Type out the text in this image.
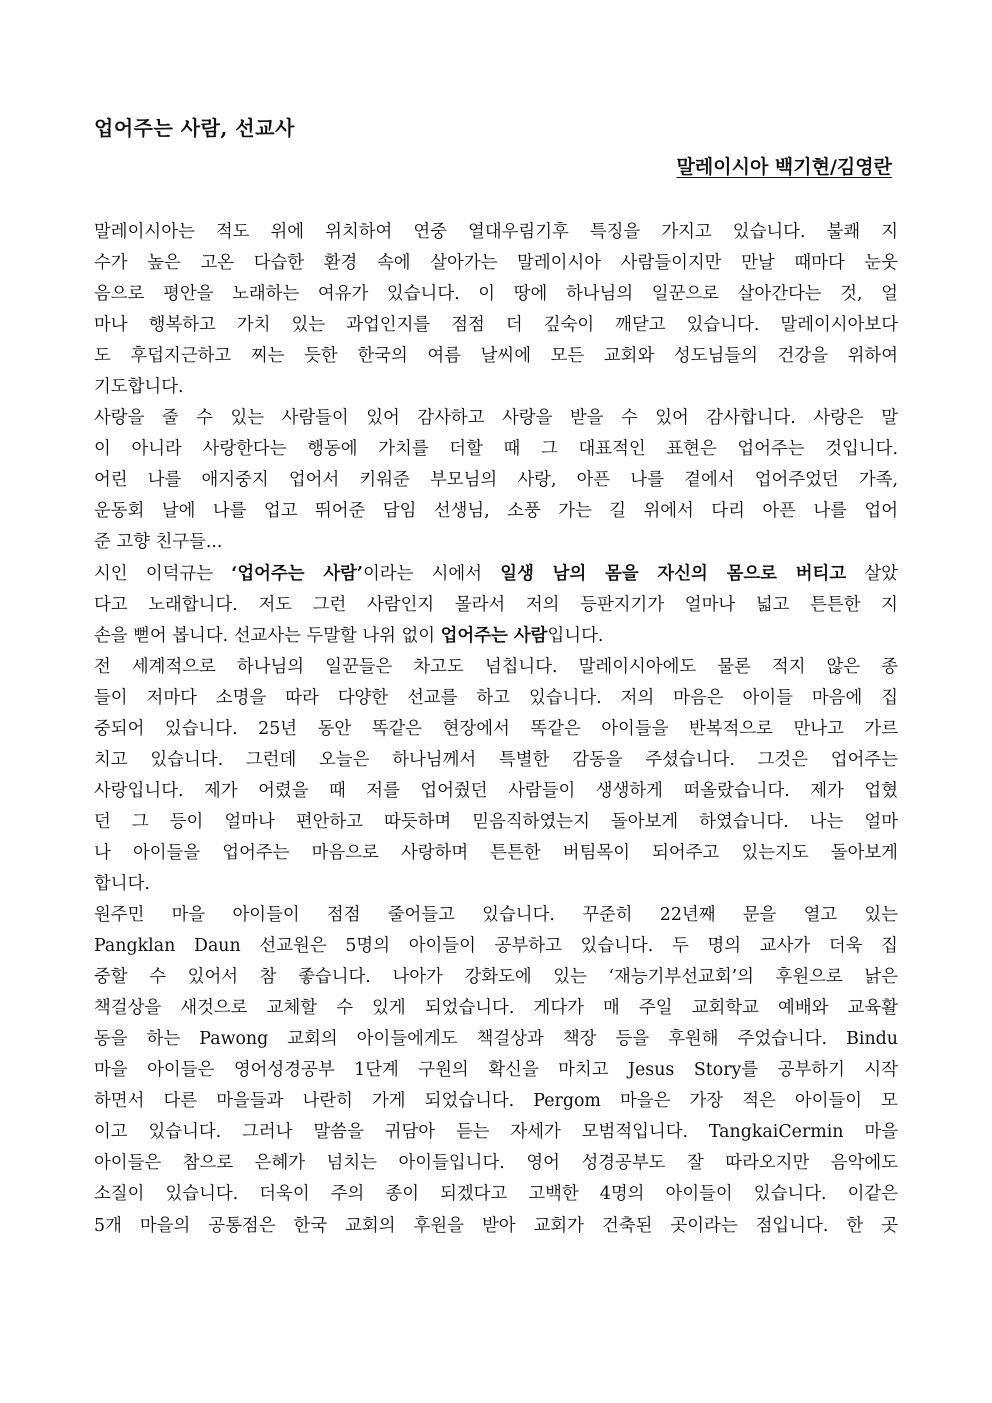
업어주는 사람, 선교사
말레이시아 백기현/김영란
말레이시아는 적도 위에 위치하여 연중 열대우림기후 특징을 가지고 있습니다. 불쾌 지
수가 높은 고온 다습한 환경 속에 살아가는 말레이시아 사람들이지만 만날 때마다 눈웃
음으로 평안을 노래하는 여유가 있습니다. 이 땅에 하나님의 일꾼으로 살아간다는 것, 얼
마나 행복하고 가치 있는 과업인지를 점점 더 깊숙이 깨닫고 있습니다. 말레이시아보다
도 후덥지근하고 찌는 듯한 한국의 여름 날씨에 모든 교회와 성도님들의 건강을 위하여
기도합니다.
사랑을 줄 수 있는 사람들이 있어 감사하고 사랑을 받을 수 있어 감사합니다. 사랑은 말
이 아니라 사랑한다는 행동에 가치를 더할 때 그 대표적인 표현은 업어주는 것입니다.
어린 나를 애지중지 업어서 키워준 부모님의 사랑, 아픈 나를 곁에서 업어주었던 가족,
운동회 날에 나를 업고 뛰어준 담임 선생님, 소풍 가는 길 위에서 다리 아픈 나를 업어
준 고향 친구들...
시인 이덕규는 ‘업어주는 사람’이라는 시에서 일생 남의 몸을 자신의 몸으로 버티고 살았
다고 노래합니다. 저도 그런 사람인지 몰라서 저의 등판지기가 얼마나 넓고 튼튼한 지
손을 뻗어 봅니다. 선교사는 두말할 나위 없이 업어주는 사람입니다.
전 세계적으로 하나님의 일꾼들은 차고도 넘칩니다. 말레이시아에도 물론 적지 않은 종
들이 저마다 소명을 따라 다양한 선교를 하고 있습니다. 저의 마음은 아이들 마음에 집
중되어 있습니다. 25년 동안 똑같은 현장에서 똑같은 아이들을 반복적으로 만나고 가르
치고 있습니다. 그런데 오늘은 하나님께서 특별한 감동을 주셨습니다. 그것은 업어주는
사랑입니다. 제가 어렸을 때 저를 업어줬던 사람들이 생생하게 떠올랐습니다. 제가 업혔
던 그 등이 얼마나 편안하고 따듯하며 믿음직하였는지 돌아보게 하였습니다. 나는 얼마
나 아이들을 업어주는 마음으로 사랑하며 튼튼한 버팀목이 되어주고 있는지도 돌아보게
합니다.
원주민 마을 아이들이 점점 줄어들고 있습니다. 꾸준히 22년째 문을 열고 있는
Pangklan Daun 선교원은 5명의 아이들이 공부하고 있습니다. 두 명의 교사가 더욱 집
중할 수 있어서 참 좋습니다. 나아가 강화도에 있는 ‘재능기부선교회’의 후원으로 낡은
책걸상을 새것으로 교체할 수 있게 되었습니다. 게다가 매 주일 교회학교 예배와 교육활
동을 하는 Pawong 교회의 아이들에게도 책걸상과 책장 등을 후원해 주었습니다. Bindu
마을 아이들은 영어성경공부 1단계 구원의 확신을 마치고 Jesus Story를 공부하기 시작
하면서 다른 마을들과 나란히 가게 되었습니다. Pergom 마을은 가장 적은 아이들이 모
이고 있습니다. 그러나 말씀을 귀담아 듣는 자세가 모범적입니다. TangkaiCermin 마을
아이들은 참으로 은혜가 넘치는 아이들입니다. 영어 성경공부도 잘 따라오지만 음악에도
소질이 있습니다. 더욱이 주의 종이 되겠다고 고백한 4명의 아이들이 있습니다. 이같은
5개 마을의 공통점은 한국 교회의 후원을 받아 교회가 건축된 곳이라는 점입니다. 한 곳
